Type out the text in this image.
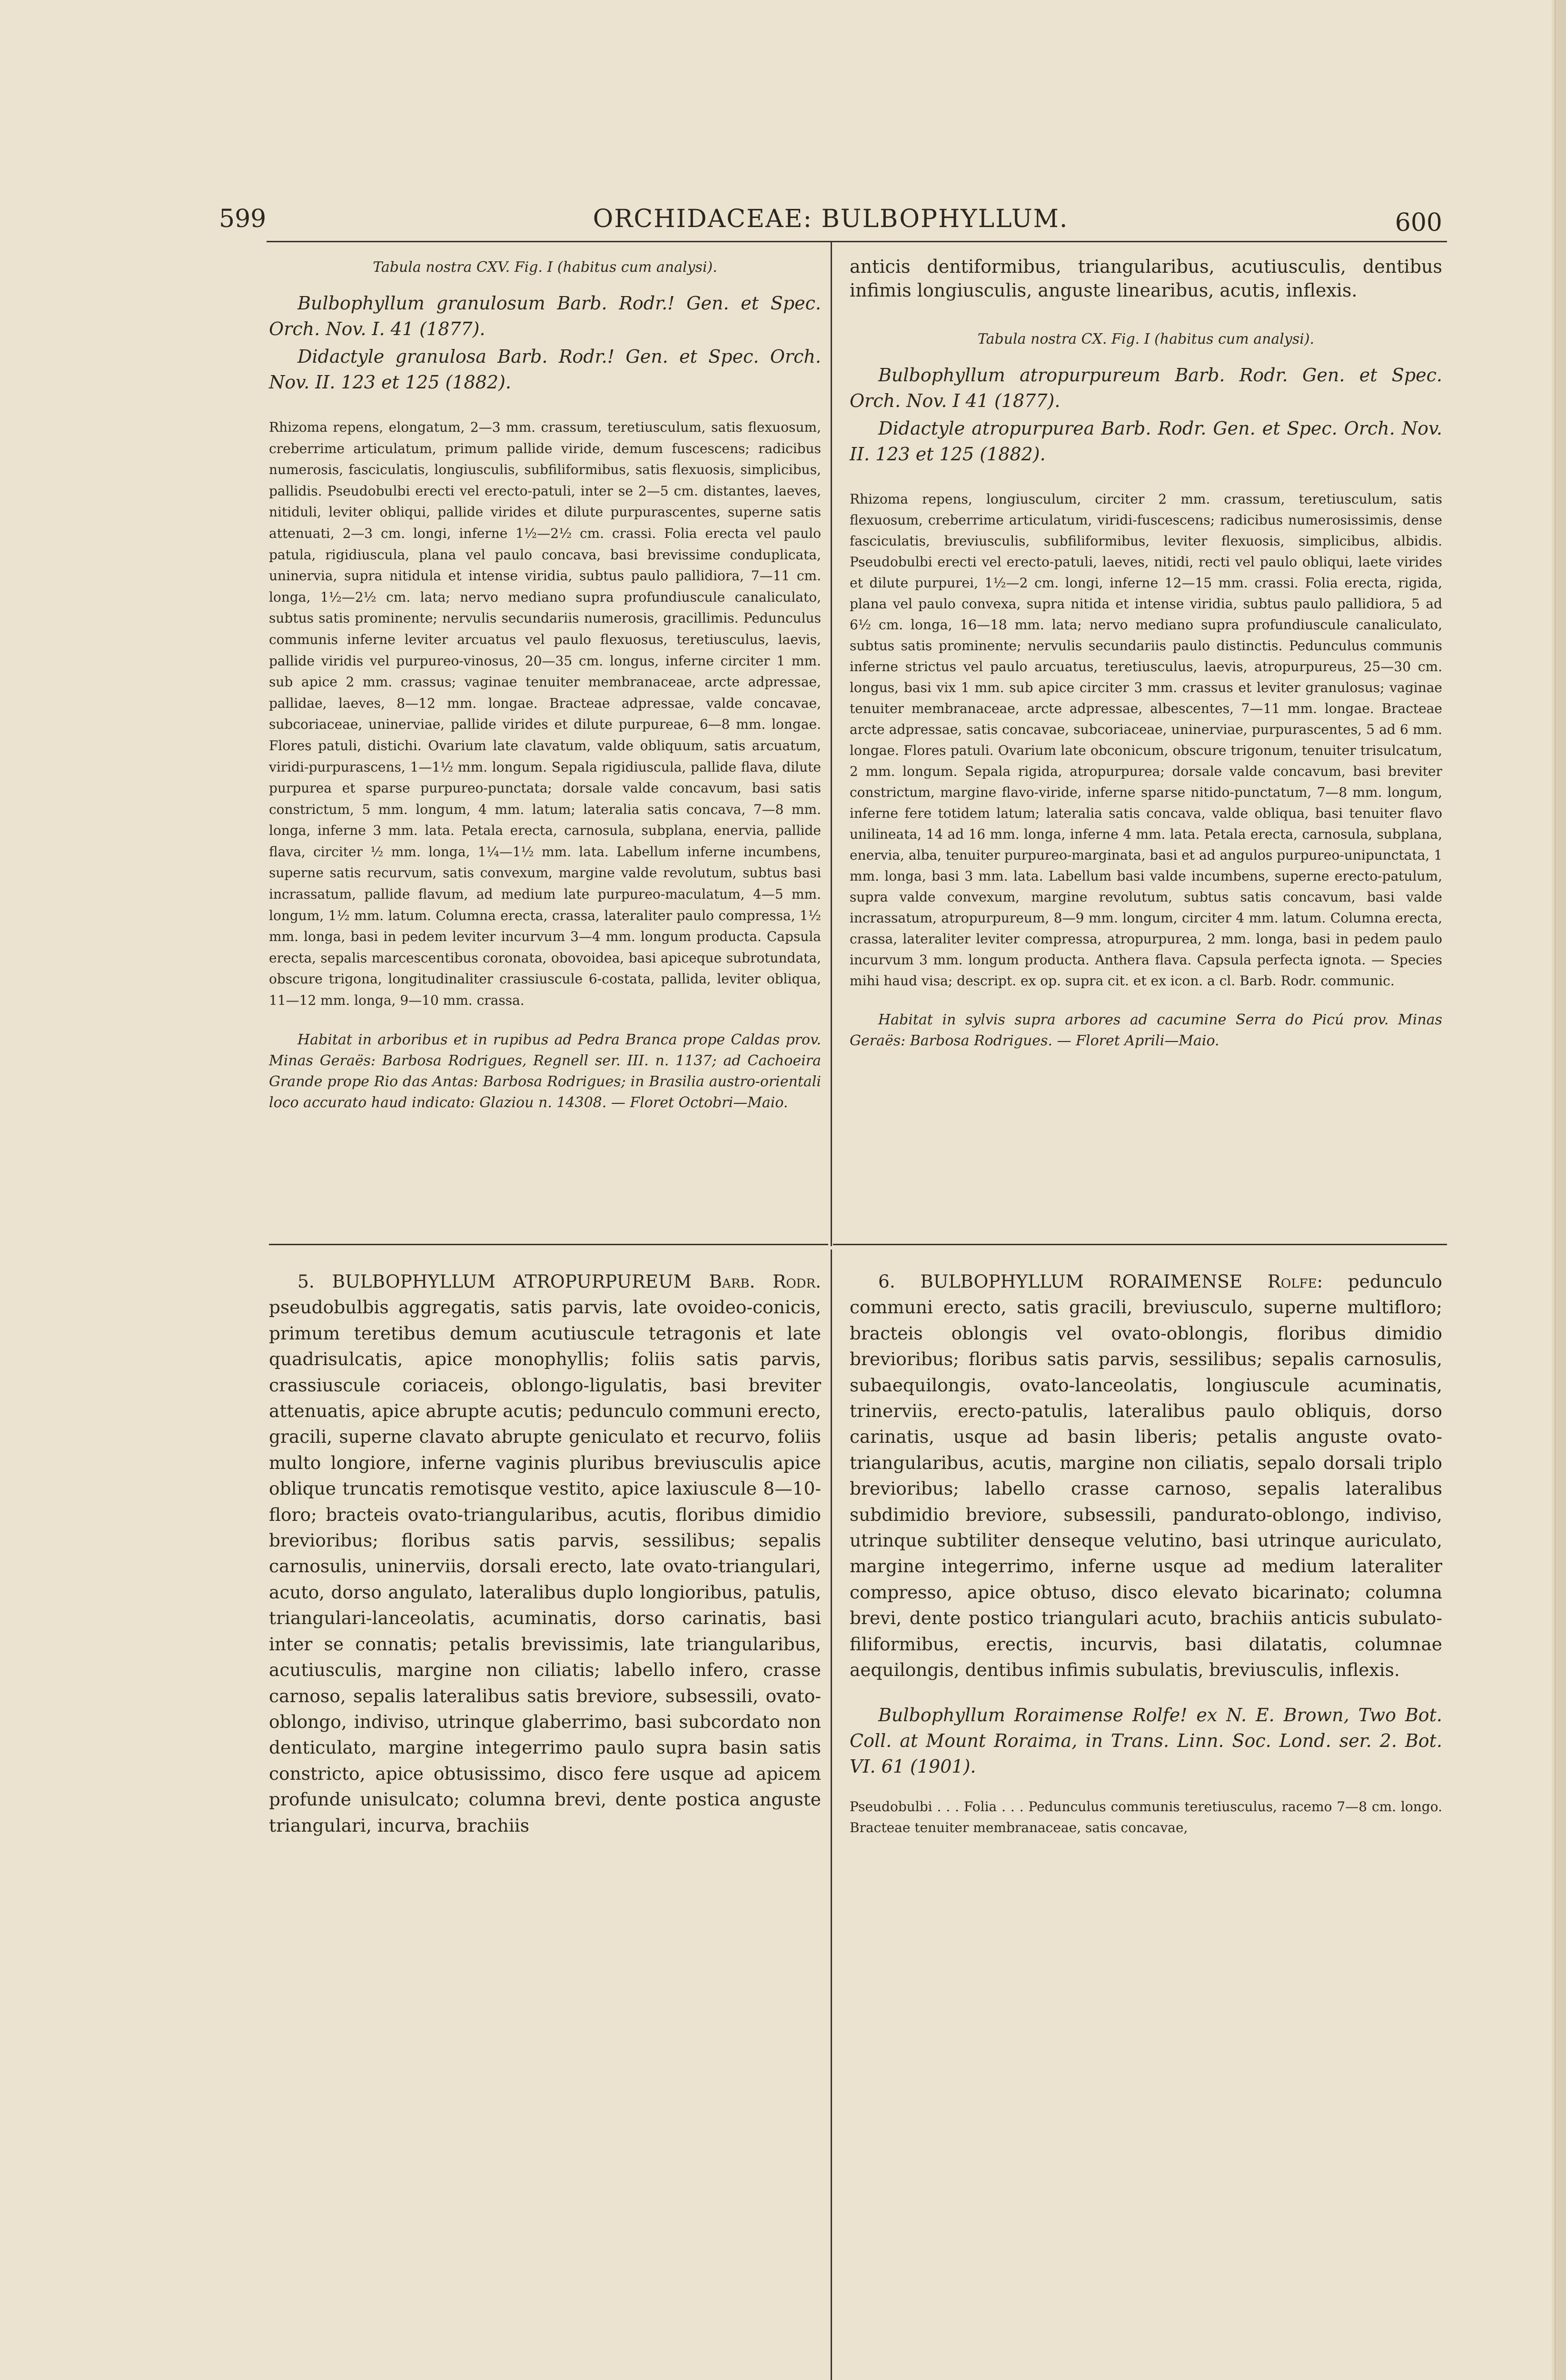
599	ORCHIDACEAE: BULBOPHYLLUM.	600

Tabula nostra CXV. Fig. I (habitus cum analysi).

Bulbophyllum granulosum Barb. Rodr.! Gen. et Spec. Orch. Nov. I. 41 (1877).

Didactyle granulosa Barb. Rodr.! Gen. et Spec. Orch. Nov. II. 123 et 125 (1882).

Rhizoma repens, elongatum, 2—3 mm. crassum, teretiusculum, satis flexuosum, creberrime articulatum, primum pallide viride, demum fuscescens; radicibus numerosis, fasciculatis, longiusculis, subfiliformibus, satis flexuosis, simplicibus, pallidis. Pseudobulbi erecti vel erecto-patuli, inter se 2—5 cm. distantes, laeves, nitiduli, leviter obliqui, pallide virides et dilute purpurascentes, superne satis attenuati, 2—3 cm. longi, inferne 1½—2½ cm. crassi. Folia erecta vel paulo patula, rigidiuscula, plana vel paulo concava, basi brevissime conduplicata, uninervia, supra nitidula et intense viridia, subtus paulo pallidiora, 7—11 cm. longa, 1½—2½ cm. lata; nervo mediano supra profundiuscule canaliculato, subtus satis prominente; nervulis secundariis numerosis, gracillimis. Pedunculus communis inferne leviter arcuatus vel paulo flexuosus, teretiusculus, laevis, pallide viridis vel purpureo-vinosus, 20—35 cm. longus, inferne circiter 1 mm. sub apice 2 mm. crassus; vaginae tenuiter membranaceae, arcte adpressae, pallidae, laeves, 8—12 mm. longae. Bracteae adpressae, valde concavae, subcoriaceae, uninerviae, pallide virides et dilute purpureae, 6—8 mm. longae. Flores patuli, distichi. Ovarium late clavatum, valde obliquum, satis arcuatum, viridi-purpurascens, 1—1½ mm. longum. Sepala rigidiuscula, pallide flava, dilute purpurea et sparse purpureo-punctata; dorsale valde concavum, basi satis constrictum, 5 mm. longum, 4 mm. latum; lateralia satis concava, 7—8 mm. longa, inferne 3 mm. lata. Petala erecta, carnosula, subplana, enervia, pallide flava, circiter ½ mm. longa, 1¼—1½ mm. lata. Labellum inferne incumbens, superne satis recurvum, satis convexum, margine valde revolutum, subtus basi incrassatum, pallide flavum, ad medium late purpureo-maculatum, 4—5 mm. longum, 1½ mm. latum. Columna erecta, crassa, lateraliter paulo compressa, 1½ mm. longa, basi in pedem leviter incurvum 3—4 mm. longum producta. Capsula erecta, sepalis marcescentibus coronata, obovoidea, basi apiceque subrotundata, obscure trigona, longitudinaliter crassiuscule 6-costata, pallida, leviter obliqua, 11—12 mm. longa, 9—10 mm. crassa.

Habitat in arboribus et in rupibus ad Pedra Branca prope Caldas prov. Minas Geraës: Barbosa Rodrigues, Regnell ser. III. n. 1137; ad Cachoeira Grande prope Rio das Antas: Barbosa Rodrigues; in Brasilia austro-orientali loco accurato haud indicato: Glaziou n. 14308. — Floret Octobri—Maio.

anticis dentiformibus, triangularibus, acutiusculis, dentibus infimis longiusculis, anguste linearibus, acutis, inflexis.

Tabula nostra CX. Fig. I (habitus cum analysi).

Bulbophyllum atropurpureum Barb. Rodr. Gen. et Spec. Orch. Nov. I 41 (1877).

Didactyle atropurpurea Barb. Rodr. Gen. et Spec. Orch. Nov. II. 123 et 125 (1882).

Rhizoma repens, longiusculum, circiter 2 mm. crassum, teretiusculum, satis flexuosum, creberrime articulatum, viridi-fuscescens; radicibus numerosissimis, dense fasciculatis, breviusculis, subfiliformibus, leviter flexuosis, simplicibus, albidis. Pseudobulbi erecti vel erecto-patuli, laeves, nitidi, recti vel paulo obliqui, laete virides et dilute purpurei, 1½—2 cm. longi, inferne 12—15 mm. crassi. Folia erecta, rigida, plana vel paulo convexa, supra nitida et intense viridia, subtus paulo pallidiora, 5 ad 6½ cm. longa, 16—18 mm. lata; nervo mediano supra profundiuscule canaliculato, subtus satis prominente; nervulis secundariis paulo distinctis. Pedunculus communis inferne strictus vel paulo arcuatus, teretiusculus, laevis, atropurpureus, 25—30 cm. longus, basi vix 1 mm. sub apice circiter 3 mm. crassus et leviter granulosus; vaginae tenuiter membranaceae, arcte adpressae, albescentes, 7—11 mm. longae. Bracteae arcte adpressae, satis concavae, subcoriaceae, uninerviae, purpurascentes, 5 ad 6 mm. longae. Flores patuli. Ovarium late obconicum, obscure trigonum, tenuiter trisulcatum, 2 mm. longum. Sepala rigida, atropurpurea; dorsale valde concavum, basi breviter constrictum, margine flavo-viride, inferne sparse nitido-punctatum, 7—8 mm. longum, inferne fere totidem latum; lateralia satis concava, valde obliqua, basi tenuiter flavo unilineata, 14 ad 16 mm. longa, inferne 4 mm. lata. Petala erecta, carnosula, subplana, enervia, alba, tenuiter purpureo-marginata, basi et ad angulos purpureo-unipunctata, 1 mm. longa, basi 3 mm. lata. Labellum basi valde incumbens, superne erecto-patulum, supra valde convexum, margine revolutum, subtus satis concavum, basi valde incrassatum, atropurpureum, 8—9 mm. longum, circiter 4 mm. latum. Columna erecta, crassa, lateraliter leviter compressa, atropurpurea, 2 mm. longa, basi in pedem paulo incurvum 3 mm. longum producta. Anthera flava. Capsula perfecta ignota. — Species mihi haud visa; descript. ex op. supra cit. et ex icon. a cl. Barb. Rodr. communic.

Habitat in sylvis supra arbores ad cacumine Serra do Picú prov. Minas Geraës: Barbosa Rodrigues. — Floret Aprili—Maio.

5. BULBOPHYLLUM ATROPURPUREUM Barb. Rodr. pseudobulbis aggregatis, satis parvis, late ovoideo-conicis, primum teretibus demum acutiuscule tetragonis et late quadrisulcatis, apice monophyllis; foliis satis parvis, crassiuscule coriaceis, oblongo-ligulatis, basi breviter attenuatis, apice abrupte acutis; pedunculo communi erecto, gracili, superne clavato abrupte geniculato et recurvo, foliis multo longiore, inferne vaginis pluribus breviusculis apice oblique truncatis remotisque vestito, apice laxiuscule 8—10-floro; bracteis ovato-triangularibus, acutis, floribus dimidio brevioribus; floribus satis parvis, sessilibus; sepalis carnosulis, uninerviis, dorsali erecto, late ovato-triangulari, acuto, dorso angulato, lateralibus duplo longioribus, patulis, triangulari-lanceolatis, acuminatis, dorso carinatis, basi inter se connatis; petalis brevissimis, late triangularibus, acutiusculis, margine non ciliatis; labello infero, crasse carnoso, sepalis lateralibus satis breviore, subsessili, ovato-oblongo, indiviso, utrinque glaberrimo, basi subcordato non denticulato, margine integerrimo paulo supra basin satis constricto, apice obtusissimo, disco fere usque ad apicem profunde unisulcato; columna brevi, dente postica anguste triangulari, incurva, brachiis

6. BULBOPHYLLUM RORAIMENSE Rolfe: pedunculo communi erecto, satis gracili, breviusculo, superne multifloro; bracteis oblongis vel ovato-oblongis, floribus dimidio brevioribus; floribus satis parvis, sessilibus; sepalis carnosulis, subaequilongis, ovato-lanceolatis, longiuscule acuminatis, trinerviis, erecto-patulis, lateralibus paulo obliquis, dorso carinatis, usque ad basin liberis; petalis anguste ovato-triangularibus, acutis, margine non ciliatis, sepalo dorsali triplo brevioribus; labello crasse carnoso, sepalis lateralibus subdimidio breviore, subsessili, pandurato-oblongo, indiviso, utrinque subtiliter denseque velutino, basi utrinque auriculato, margine integerrimo, inferne usque ad medium lateraliter compresso, apice obtuso, disco elevato bicarinato; columna brevi, dente postico triangulari acuto, brachiis anticis subulato-filiformibus, erectis, incurvis, basi dilatatis, columnae aequilongis, dentibus infimis subulatis, breviusculis, inflexis.

Bulbophyllum Roraimense Rolfe! ex N. E. Brown, Two Bot. Coll. at Mount Roraima, in Trans. Linn. Soc. Lond. ser. 2. Bot. VI. 61 (1901).

Pseudobulbi . . . Folia . . . Pedunculus communis teretiusculus, racemo 7—8 cm. longo. Bracteae tenuiter membranaceae, satis concavae,
